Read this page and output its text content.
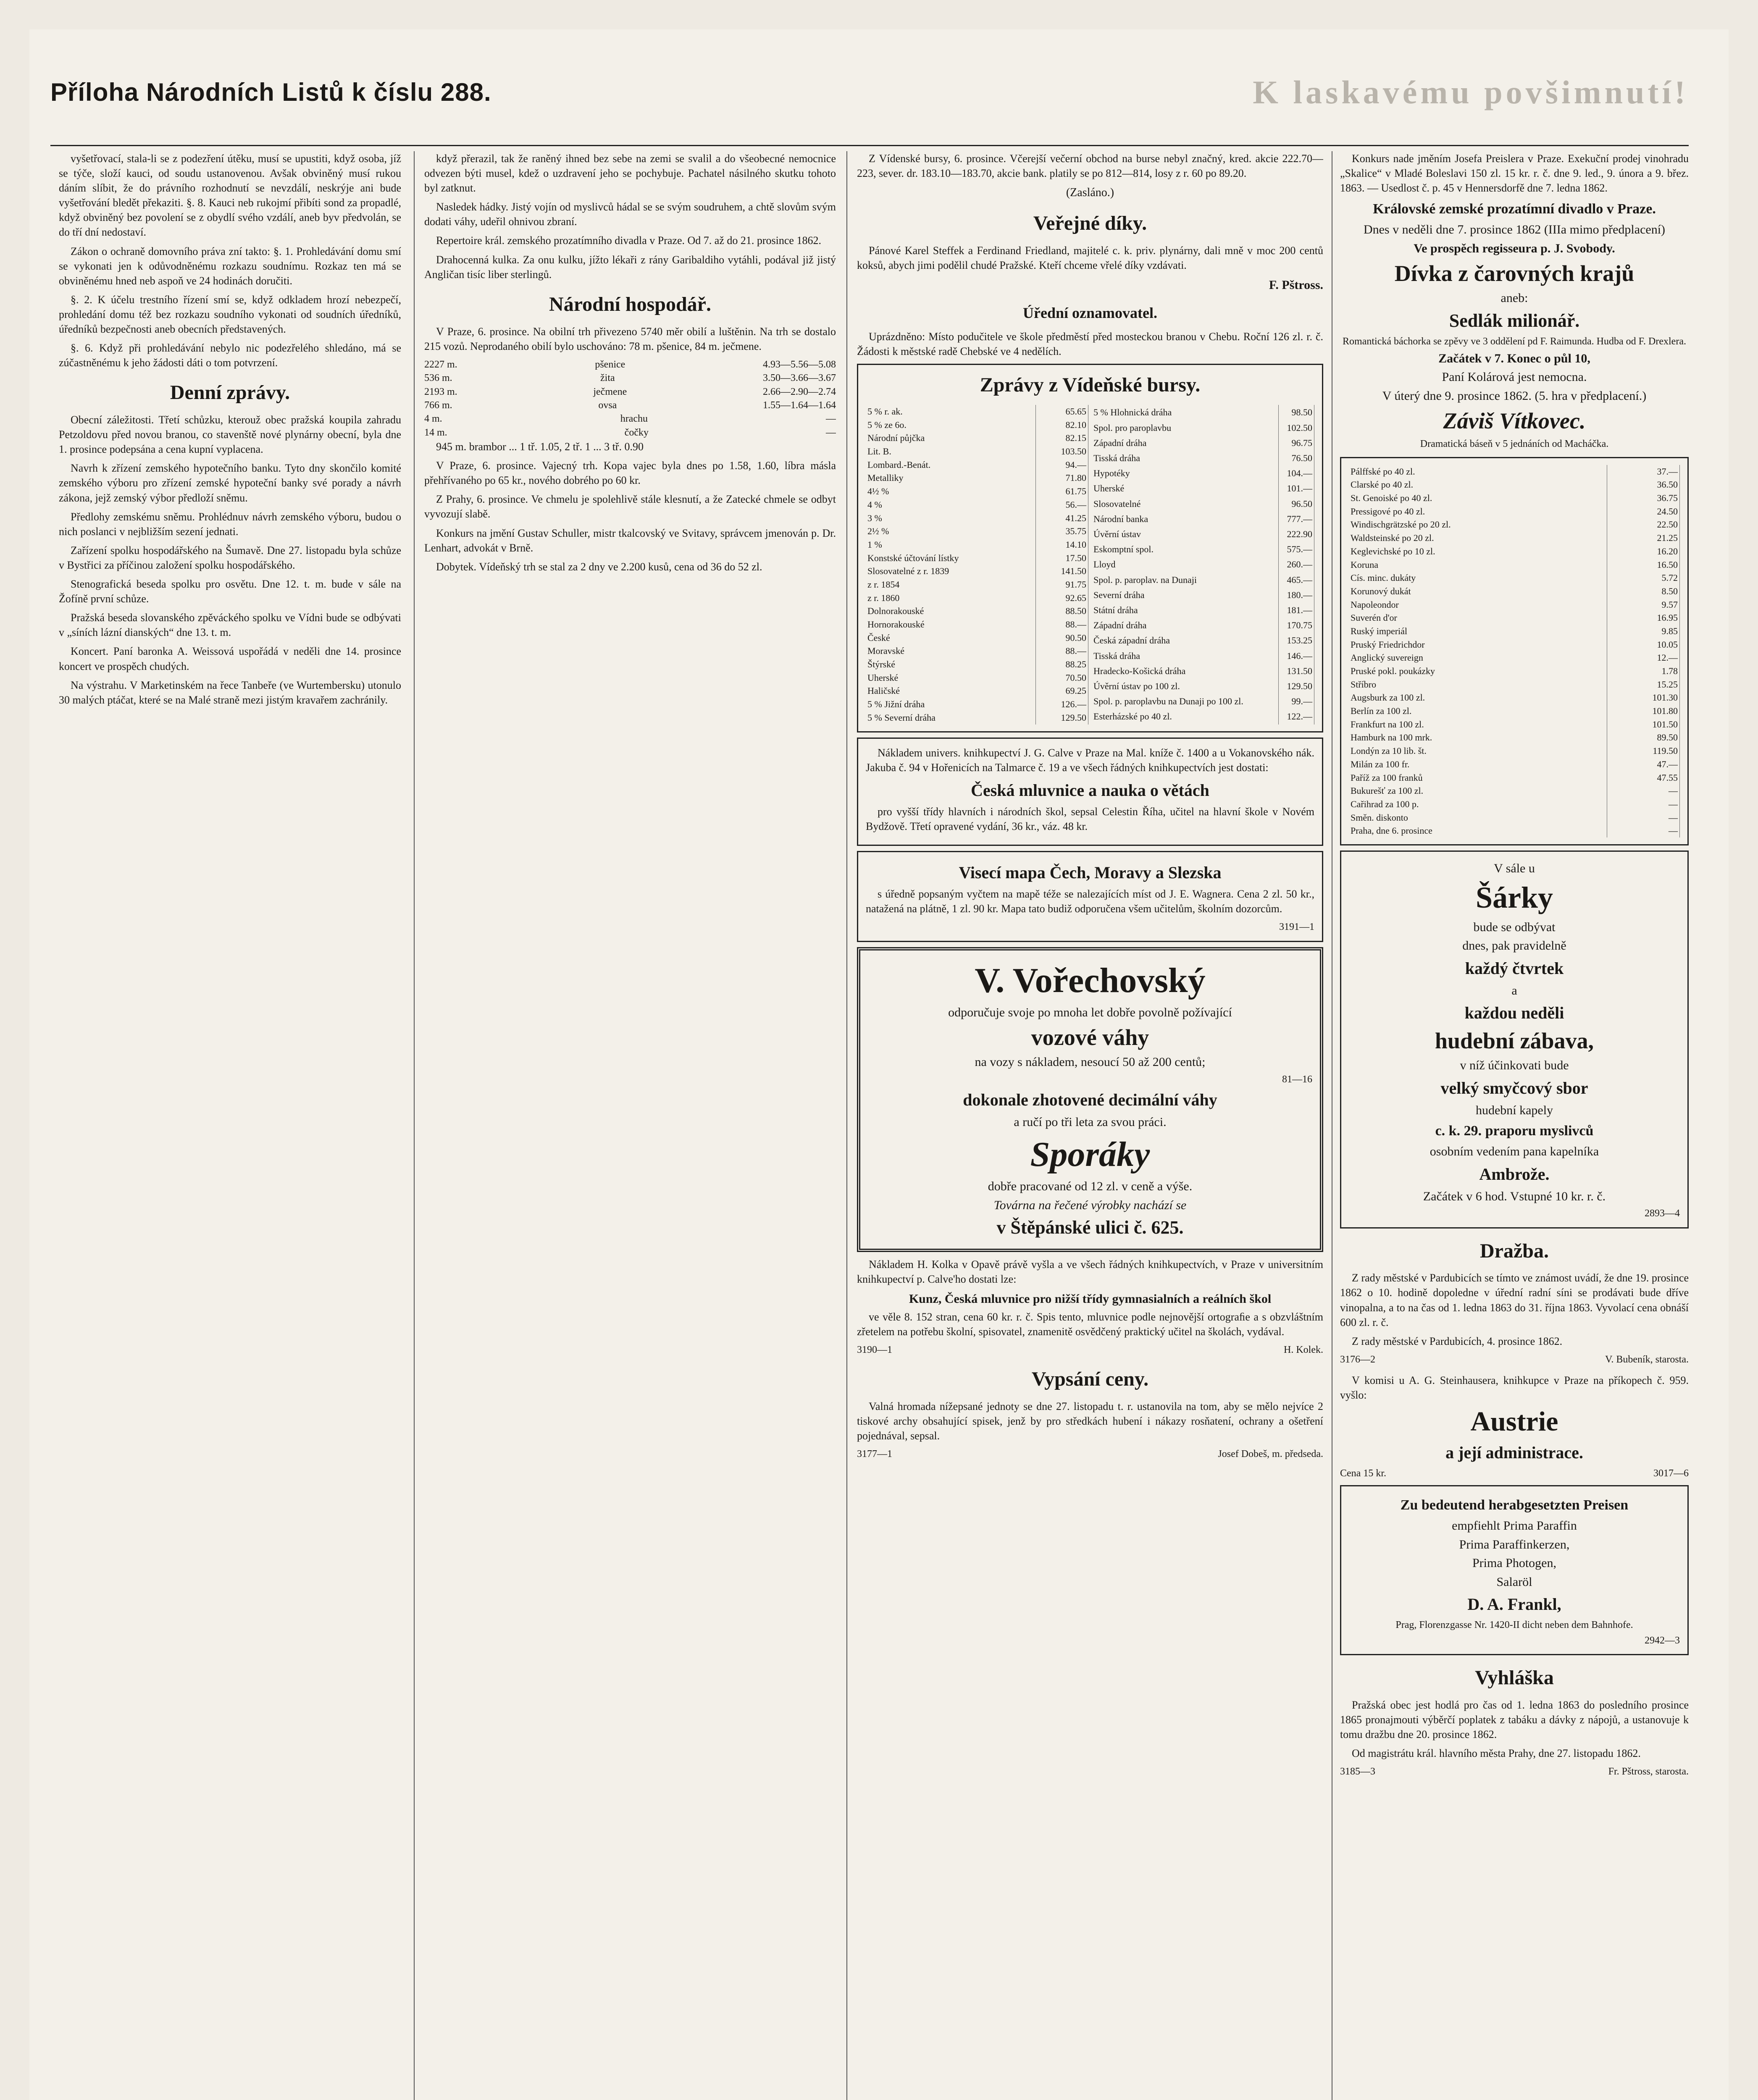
Příloha Národních Listů k číslu 288.	K laskavému povšimnutí!

vyšetřovací, stala-li se z podezření útěku, musí se upustiti, když osoba, jíž se týče, složí kauci, od soudu ustanovenou. Avšak obviněný musí rukou dáním slíbit, že do právního rozhodnutí se nevzdálí, neskrýje ani bude vyšetřování bledět překaziti. §. 8. Kauci neb rukojmí přibíti sond za propadlé, když obviněný bez povolení se z obydlí svého vzdálí, aneb byv předvolán, se do tří dní nedostaví.

Zákon o ochraně domovního práva zní takto: §. 1. Prohledávání domu smí se vykonati jen k odůvodněnému rozkazu soudnímu. Rozkaz ten má se obviněnému hned neb aspoň ve 24 hodinách doručiti.

§. 2. K účelu trestního řízení smí se, když odkladem hrozí nebezpečí, prohledání domu též bez rozkazu soudního vykonati od soudních úředníků, úředníků bezpečnosti aneb obecních představených.

§. 6. Když při prohledávání nebylo nic podezřelého shledáno, má se zúčastněnému k jeho žádosti dáti o tom potvrzení.

Denní zprávy.

Obecní záležitosti. Třetí schůzku, kterouž obec pražská koupila zahradu Petzoldovu před novou branou, co stavenště nové plynárny obecní, byla dne 1. prosince podepsána a cena kupní vyplacena.

Navrh k zřízení zemského hypotečního banku. Tyto dny skončilo komité zemského výboru pro zřízení zemské hypoteční banky své porady a návrh zákona, jejž zemský výbor předloží sněmu.

Předlohy zemskému sněmu. Prohlédnuv návrh zemského výboru, budou o nich poslanci v nejbližším sezení jednati.

Zařízení spolku hospodářského na Šumavě. Dne 27. listopadu byla schůze v Bystřici za příčinou založení spolku hospodářského.

Stenografická beseda spolku pro osvětu. Dne 12. t. m. bude v sále na Žofíně první schůze.

Pražská beseda slovanského zpěváckého spolku ve Vídni bude se odbývati v „síních lázní dianských“ dne 13. t. m.

Koncert. Paní baronka A. Weissová uspořádá v neděli dne 14. prosince koncert ve prospěch chudých.

Na výstrahu. V Marketinském na řece Tanbeře (ve Wurtembersku) utonulo 30 malých ptáčat, které se na Malé straně mezi jistým kravařem zachránily.

když přerazil, tak že raněný ihned bez sebe na zemi se svalil a do všeobecné nemocnice odvezen býti musel, kdež o uzdravení jeho se pochybuje. Pachatel násilného skutku tohoto byl zatknut.

Nasledek hádky. Jistý vojín od myslivců hádal se se svým soudruhem, a chtě slovům svým dodati váhy, udeřil ohnivou zbraní.

Repertoire král. zemského prozatímního divadla v Praze. Od 7. až do 21. prosince 1862.

Drahocenná kulka. Za onu kulku, jížto lékaři z rány Garibaldiho vytáhli, podával již jistý Angličan tisíc liber sterlingů.

Národní hospodář.

V Praze, 6. prosince. Na obilní trh přivezeno 5740 měr obilí a luštěnin. Na trh se dostalo 215 vozů. Neprodaného obilí bylo uschováno: 78 m. pšenice, 84 m. ječmene.

2227 m.	pšenice	4.93—5.56—5.08
536 m.	žita	3.50—3.66—3.67
2193 m.	ječmene	2.66—2.90—2.74
766 m.	ovsa	1.55—1.64—1.64
4 m.	hrachu	—
14 m.	čočky	—

945 m. brambor ... 1 tř. 1.05, 2 tř. 1 ... 3 tř. 0.90

V Praze, 6. prosince. Vajecný trh. Kopa vajec byla dnes po 1.58, 1.60, líbra másla přehřívaného po 65 kr., nového dobrého po 60 kr.

Z Prahy, 6. prosince. Ve chmelu je spolehlivě stále klesnutí, a že Zatecké chmele se odbyt vyvozují slabě.

Konkurs na jmění Gustav Schuller, mistr tkalcovský ve Svitavy, správcem jmenován p. Dr. Lenhart, advokát v Brně.

Dobytek. Vídeňský trh se stal za 2 dny ve 2.200 kusů, cena od 36 do 52 zl.

Z Vídenské bursy, 6. prosince. Včerejší večerní obchod na burse nebyl značný, kred. akcie 222.70—223, sever. dr. 183.10—183.70, akcie bank. platily se po 812—814, losy z r. 60 po 89.20.

(Zasláno.)
Veřejné díky.

Pánové Karel Steffek a Ferdinand Friedland, majitelé c. k. priv. plynárny, dali mně v moc 200 centů koksů, abych jimi podělil chudé Pražské. Kteří chceme vřelé díky vzdávati.

F. Pštross.
Úřední oznamovatel.

Uprázdněno: Místo podučitele ve škole předměstí před mosteckou branou v Chebu. Roční 126 zl. r. č. Žádosti k městské radě Chebské ve 4 nedělích.

Zprávy z Vídeňské bursy.
5 % r. ak.	65.65
5 % ze 6o.	82.10
Národní půjčka	82.15
Lit. B.	103.50
Lombard.-Benát.	94.—
Metalliky	71.80
4½ %	61.75
4 %	56.—
3 %	41.25
2½ %	35.75
1 %	14.10
Konstské účtování lístky	17.50
Slosovatelné z r. 1839	141.50
z r. 1854	91.75
z r. 1860	92.65
Dolnorakouské	88.50
Hornorakouské	88.—
České	90.50
Moravské	88.—
Štýrské	88.25
Uherské	70.50
Haličské	69.25
5 % Jižní dráha	126.—
5 % Severní dráha	129.50
5 % Hlohnická dráha	98.50
Spol. pro paroplavbu	102.50
Západní dráha	96.75
Tisská dráha	76.50
Hypotéky	104.—
Uherské	101.—
Slosovatelné	96.50
Národní banka	777.—
Úvěrní ústav	222.90
Eskomptní spol.	575.—
Lloyd	260.—
Spol. p. paroplav. na Dunaji	465.—
Severní dráha	180.—
Státní dráha	181.—
Západní dráha	170.75
Česká západní dráha	153.25
Tisská dráha	146.—
Hradecko-Košická dráha	131.50
Úvěrní ústav po 100 zl.	129.50
Spol. p. paroplavbu na Dunaji po 100 zl.	99.—
Esterházské po 40 zl.	122.—

Nákladem univers. knihkupectví J. G. Calve v Praze na Mal. kníže č. 1400 a u Vokanovského nák. Jakuba č. 94 v Hořenicích na Talmarce č. 19 a ve všech řádných knihkupectvích jest dostati:

Česká mluvnice a nauka o větách

pro vyšší třídy hlavních i národních škol, sepsal Celestin Říha, učitel na hlavní škole v Novém Bydžově. Třetí opravené vydání, 36 kr., váz. 48 kr.

Visecí mapa Čech, Moravy a Slezska

s úředně popsaným vyčtem na mapě téže se nalezajících míst od J. E. Wagnera. Cena 2 zl. 50 kr., natažená na plátně, 1 zl. 90 kr. Mapa tato budiž odporučena všem učitelům, školním dozorcům.

3191—1
V. Vořechovský
odporučuje svoje po mnoha let dobře povolně požívající
vozové váhy
na vozy s nákladem, nesoucí 50 až 200 centů;
81—16
dokonale zhotovené decimální váhy
a ručí po tři leta za svou práci.
Sporáky
dobře pracované od 12 zl. v ceně a výše.
Továrna na řečené výrobky nachází se
v Štěpánské ulici č. 625.

Nákladem H. Kolka v Opavě právě vyšla a ve všech řádných knihkupectvích, v Praze v universitním knihkupectví p. Calve'ho dostati lze:

Kunz, Česká mluvnice pro nižší třídy gymnasialních a reálních škol

ve věle 8. 152 stran, cena 60 kr. r. č. Spis tento, mluvnice podle nejnovější ortograﬁe a s obzvláštním zřetelem na potřebu školní, spisovatel, znamenitě osvědčený praktický učitel na školách, vydával.

3190—1	H. Kolek.
Vypsání ceny.

Valná hromada nížepsané jednoty se dne 27. listopadu t. r. ustanovila na tom, aby se mělo nejvíce 2 tiskové archy obsahující spisek, jenž by pro středkách hubení i nákazy rosňatení, ochrany a ošetření pojednával, sepsal.

3177—1	Josef Dobeš, m. předseda.

Konkurs nade jměním Josefa Preislera v Praze. Exekuční prodej vinohradu „Skalice“ v Mladé Boleslavi 150 zl. 15 kr. r. č. dne 9. led., 9. února a 9. břez. 1863. — Usedlost č. p. 45 v Hennersdorfě dne 7. ledna 1862.

Královské zemské prozatímní divadlo v Praze.
Dnes v neděli dne 7. prosince 1862 (IIIa mimo předplacení)
Ve prospěch regisseura p. J. Svobody.
Dívka z čarovných krajů
aneb:
Sedlák milionář.
Romantická báchorka se zpěvy ve 3 oddělení pd F. Raimunda. Hudba od F. Drexlera.
Začátek v 7. Konec o půl 10,
Paní Kolárová jest nemocna.
V úterý dne 9. prosince 1862. (5. hra v předplacení.)
Záviš Vítkovec.
Dramatická báseň v 5 jednáních od Macháčka.
Pálffské po 40 zl.	37.—
Clarské po 40 zl.	36.50
St. Genoiské po 40 zl.	36.75
Pressigové po 40 zl.	24.50
Windischgrätzské po 20 zl.	22.50
Waldsteinské po 20 zl.	21.25
Keglevichské po 10 zl.	16.20
Koruna	16.50
Cís. minc. dukáty	5.72
Korunový dukát	8.50
Napoleondor	9.57
Suverén d'or	16.95
Ruský imperiál	9.85
Pruský Friedrichdor	10.05
Anglický suvereign	12.—
Pruské pokl. poukázky	1.78
Stříbro	15.25
Augsburk za 100 zl.	101.30
Berlín za 100 zl.	101.80
Frankfurt na 100 zl.	101.50
Hamburk na 100 mrk.	89.50
Londýn za 10 lib. št.	119.50
Milán za 100 fr.	47.—
Paříž za 100 franků	47.55
Bukurešť za 100 zl.	—
Cařihrad za 100 p.	—
Směn. diskonto	—
Praha, dne 6. prosince	—
V sále u
Šárky
bude se odbývat
dnes, pak pravidelně
každý čtvrtek
a
každou neděli
hudební zábava,
v níž účinkovati bude
velký smyčcový sbor
hudební kapely
c. k. 29. praporu myslivců
osobním vedením pana kapelníka
Ambrože.
Začátek v 6 hod. Vstupné 10 kr. r. č.
2893—4
Dražba.

Z rady městské v Pardubicích se tímto ve známost uvádí, že dne 19. prosince 1862 o 10. hodině dopoledne v úřední radní síni se prodávati bude dříve vinopalna, a to na čas od 1. ledna 1863 do 31. října 1863. Vyvolací cena obnáší 600 zl. r. č.

Z rady městské v Pardubicích, 4. prosince 1862.

3176—2	V. Bubeník, starosta.

V komisi u A. G. Steinhausera, knihkupce v Praze na příkopech č. 959. vyšlo:

Austrie
a její administrace.
Cena 15 kr.	3017—6
Zu bedeutend herabgesetzten Preisen
empfiehlt Prima Paraffin
Prima Paraffinkerzen,
Prima Photogen,
Salaröl
D. A. Frankl,
Prag, Florenzgasse Nr. 1420-II dicht neben dem Bahnhofe.
2942—3
Vyhláška

Pražská obec jest hodlá pro čas od 1. ledna 1863 do posledního prosince 1865 pronajmouti výběrčí poplatek z tabáku a dávky z nápojů, a ustanovuje k tomu dražbu dne 20. prosince 1862.

Od magistrátu král. hlavního města Prahy, dne 27. listopadu 1862.

3185—3	Fr. Pštross, starosta.
